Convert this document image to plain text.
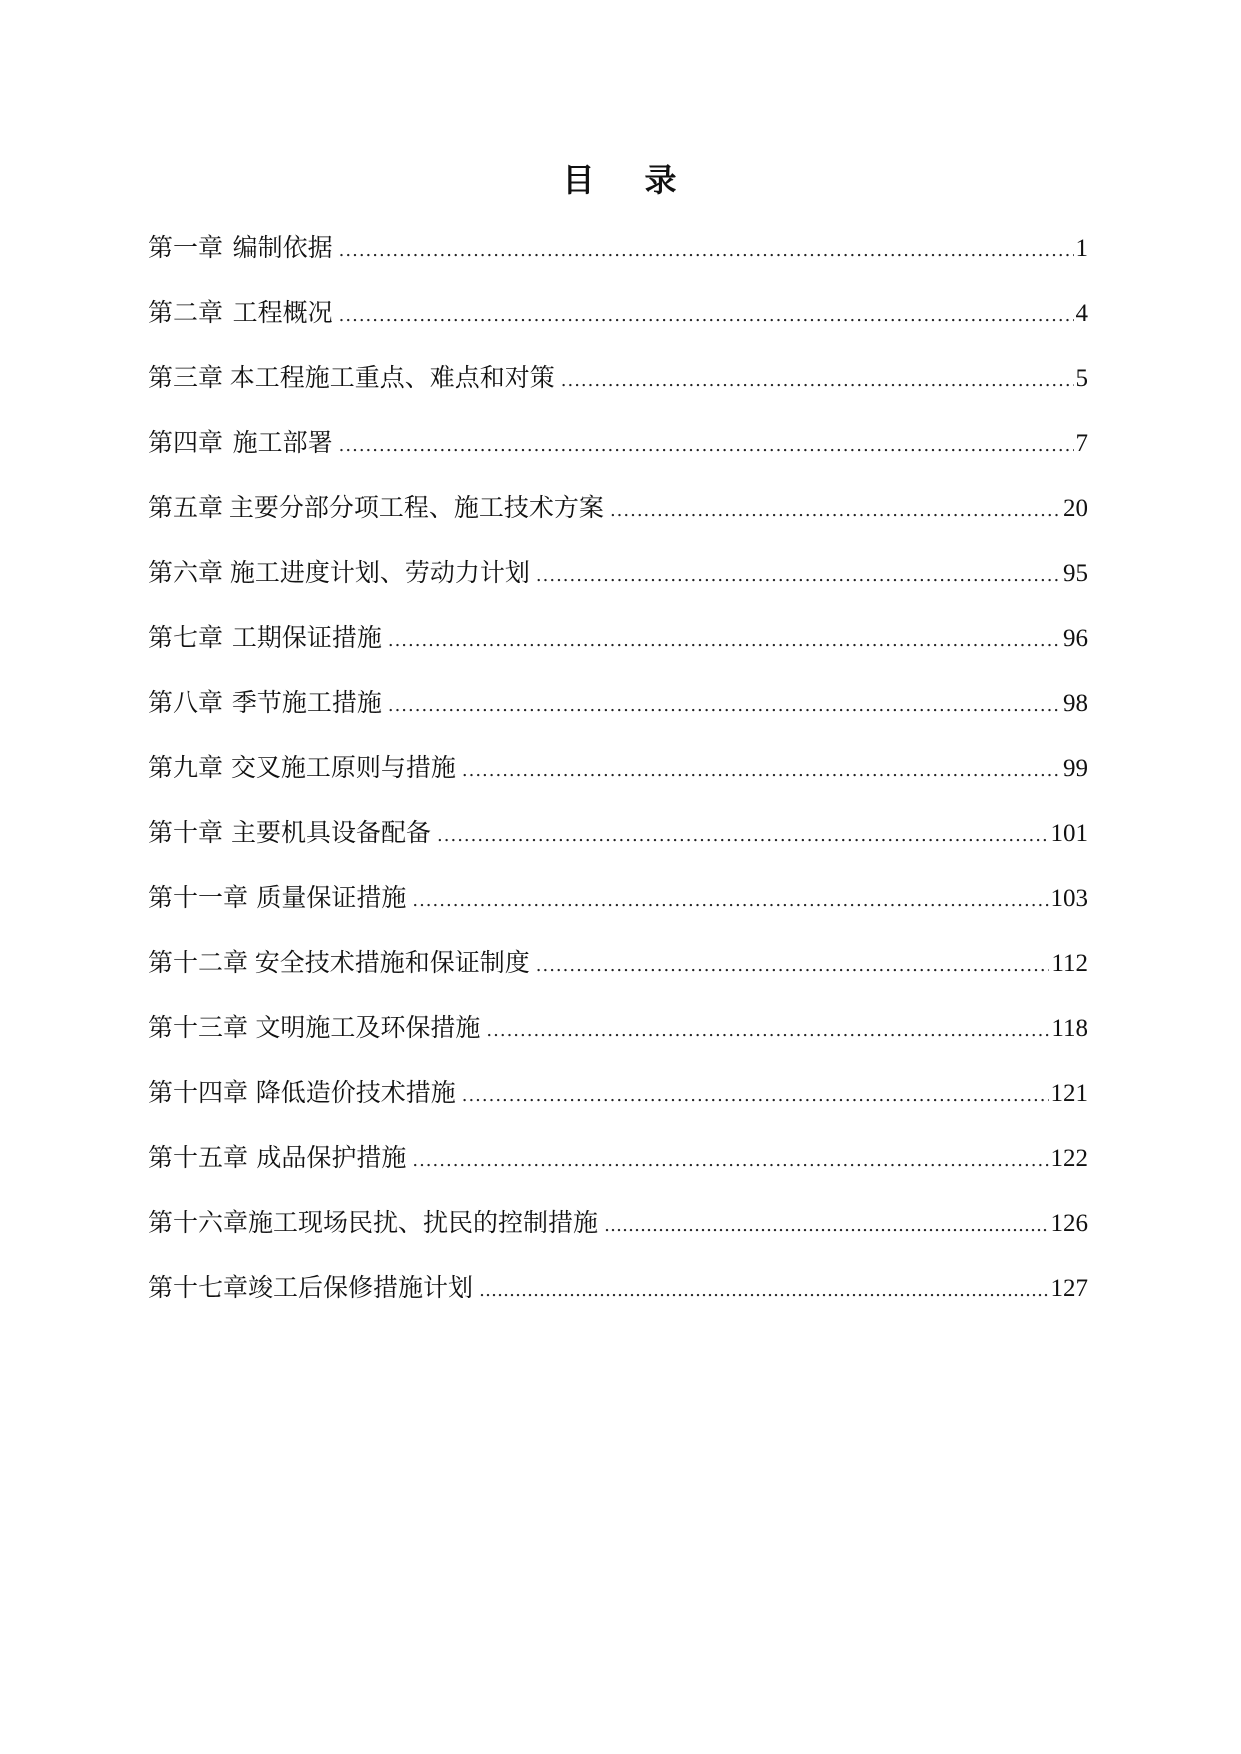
目 录
第一章 编制依据 .....	1
第二章 工程概况 .....	4
第三章 本工程施工重点、难点和对策 .....	5
第四章 施工部署 .....	7
第五章 主要分部分项工程、施工技术方案 .....	20
第六章 施工进度计划、劳动力计划 .....	95
第七章 工期保证措施 .....	96
第八章 季节施工措施 .....	98
第九章 交叉施工原则与措施 .....	99
第十章 主要机具设备配备 .....	101
第十一章 质量保证措施 .....	103
第十二章 安全技术措施和保证制度 .....	112
第十三章 文明施工及环保措施 .....	118
第十四章 降低造价技术措施 .....	121
第十五章 成品保护措施 .....	122
第十六章 施工现场民扰、扰民的控制措施 …………………………………………………………………………………………………………………………………………………………………	126
第十七章 竣工后保修措施计划 …………………………………………………………………………………………………………………………………………………………………	127
